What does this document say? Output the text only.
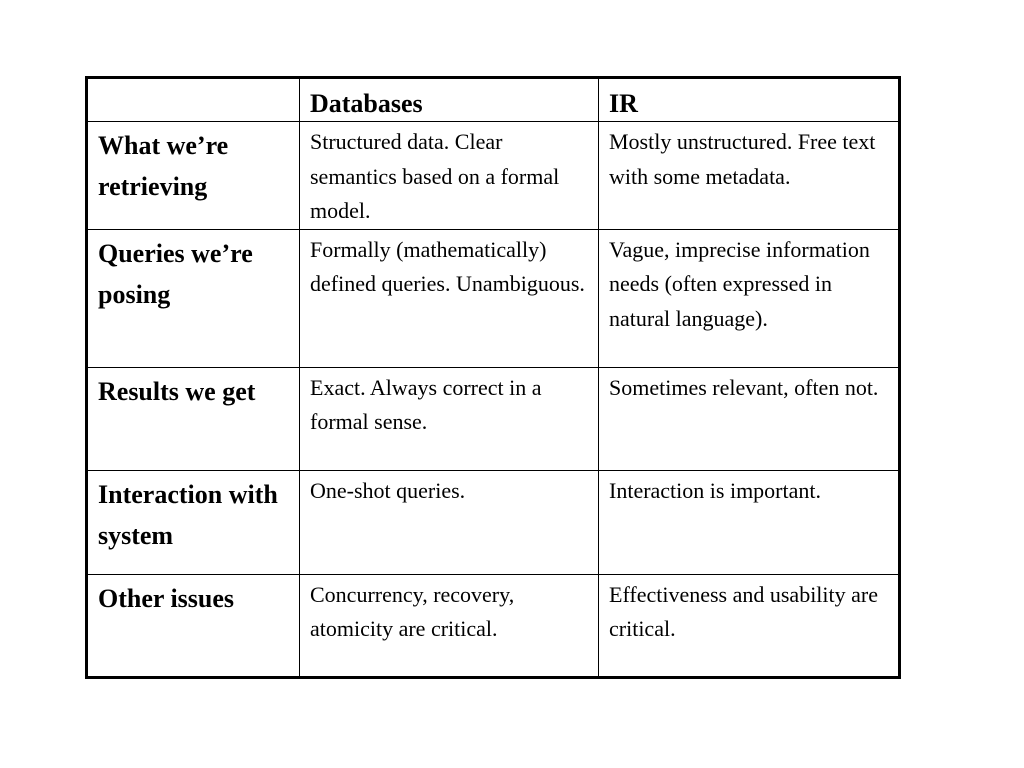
	Databases	IR
What we’re retrieving	Structured data. Clear semantics based on a formal model.	Mostly unstructured. Free text with some metadata.
Queries we’re posing	Formally (mathematically) defined queries. Unambiguous.	Vague, imprecise information needs (often expressed in natural language).
Results we get	Exact. Always correct in a formal sense.	Sometimes relevant, often not.
Interaction with system	One-shot queries.	Interaction is important.
Other issues	Concurrency, recovery, atomicity are critical.	Effectiveness and usability are critical.
